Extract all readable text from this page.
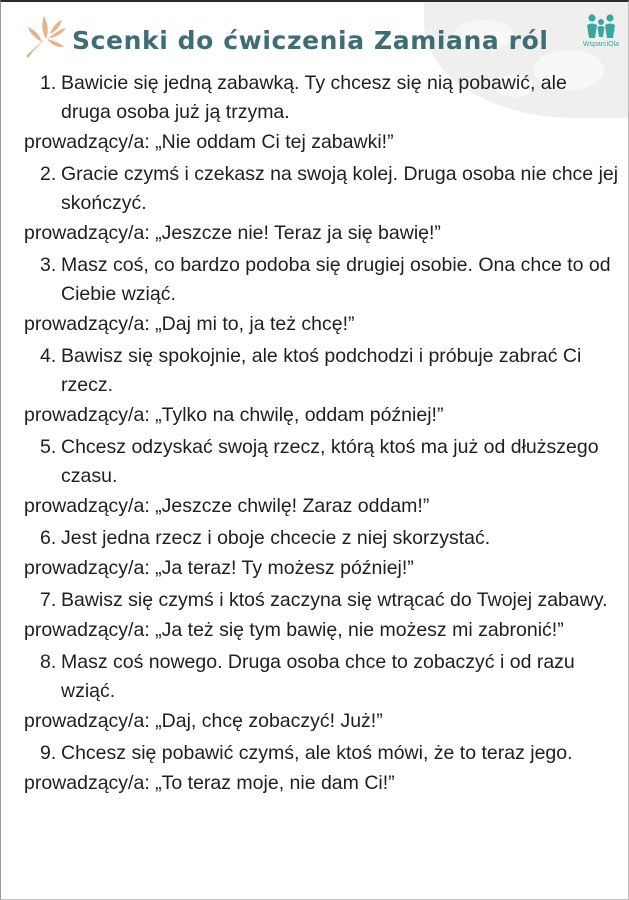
Scenki do ćwiczenia Zamiana ról	WsparciOla

1. Bawicie się jedną zabawką. Ty chcesz się nią pobawić, ale druga osoba już ją trzyma.

prowadzący/a: „Nie oddam Ci tej zabawki!”

2. Gracie czymś i czekasz na swoją kolej. Druga osoba nie chce jej skończyć.

prowadzący/a: „Jeszcze nie! Teraz ja się bawię!”

3. Masz coś, co bardzo podoba się drugiej osobie. Ona chce to od Ciebie wziąć.

prowadzący/a: „Daj mi to, ja też chcę!”

4. Bawisz się spokojnie, ale ktoś podchodzi i próbuje zabrać Ci rzecz.

prowadzący/a: „Tylko na chwilę, oddam później!”

5. Chcesz odzyskać swoją rzecz, którą ktoś ma już od dłuższego czasu.

prowadzący/a: „Jeszcze chwilę! Zaraz oddam!”

6. Jest jedna rzecz i oboje chcecie z niej skorzystać.

prowadzący/a: „Ja teraz! Ty możesz później!”

7. Bawisz się czymś i ktoś zaczyna się wtrącać do Twojej zabawy.

prowadzący/a: „Ja też się tym bawię, nie możesz mi zabronić!”

8. Masz coś nowego. Druga osoba chce to zobaczyć i od razu wziąć.

prowadzący/a: „Daj, chcę zobaczyć! Już!”

9. Chcesz się pobawić czymś, ale ktoś mówi, że to teraz jego.

prowadzący/a: „To teraz moje, nie dam Ci!”
